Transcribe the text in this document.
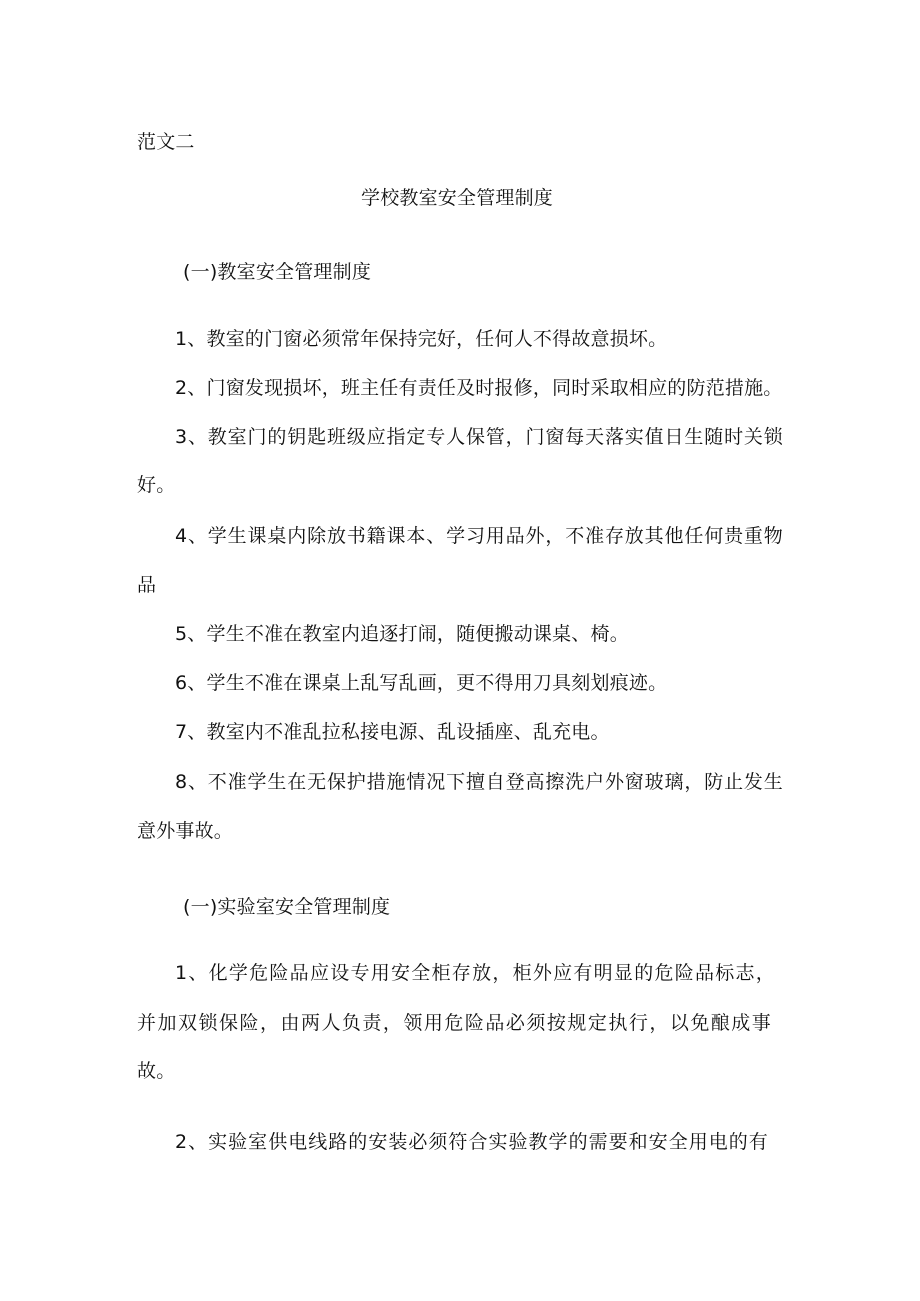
范文二
学校教室安全管理制度
(一)教室安全管理制度
1、教室的门窗必须常年保持完好，任何人不得故意损坏。
2、门窗发现损坏，班主任有责任及时报修，同时采取相应的防范措施。
3、教室门的钥匙班级应指定专人保管，门窗每天落实值日生随时关锁
好。
4、学生课桌内除放书籍课本、学习用品外，不准存放其他任何贵重物
品
5、学生不准在教室内追逐打闹，随便搬动课桌、椅。
6、学生不准在课桌上乱写乱画，更不得用刀具刻划痕迹。
7、教室内不准乱拉私接电源、乱设插座、乱充电。
8、不准学生在无保护措施情况下擅自登高擦洗户外窗玻璃，防止发生
意外事故。
(一)实验室安全管理制度
1、化学危险品应设专用安全柜存放，柜外应有明显的危险品标志，
并加双锁保险，由两人负责，领用危险品必须按规定执行，以免酿成事
故。
2、实验室供电线路的安装必须符合实验教学的需要和安全用电的有
